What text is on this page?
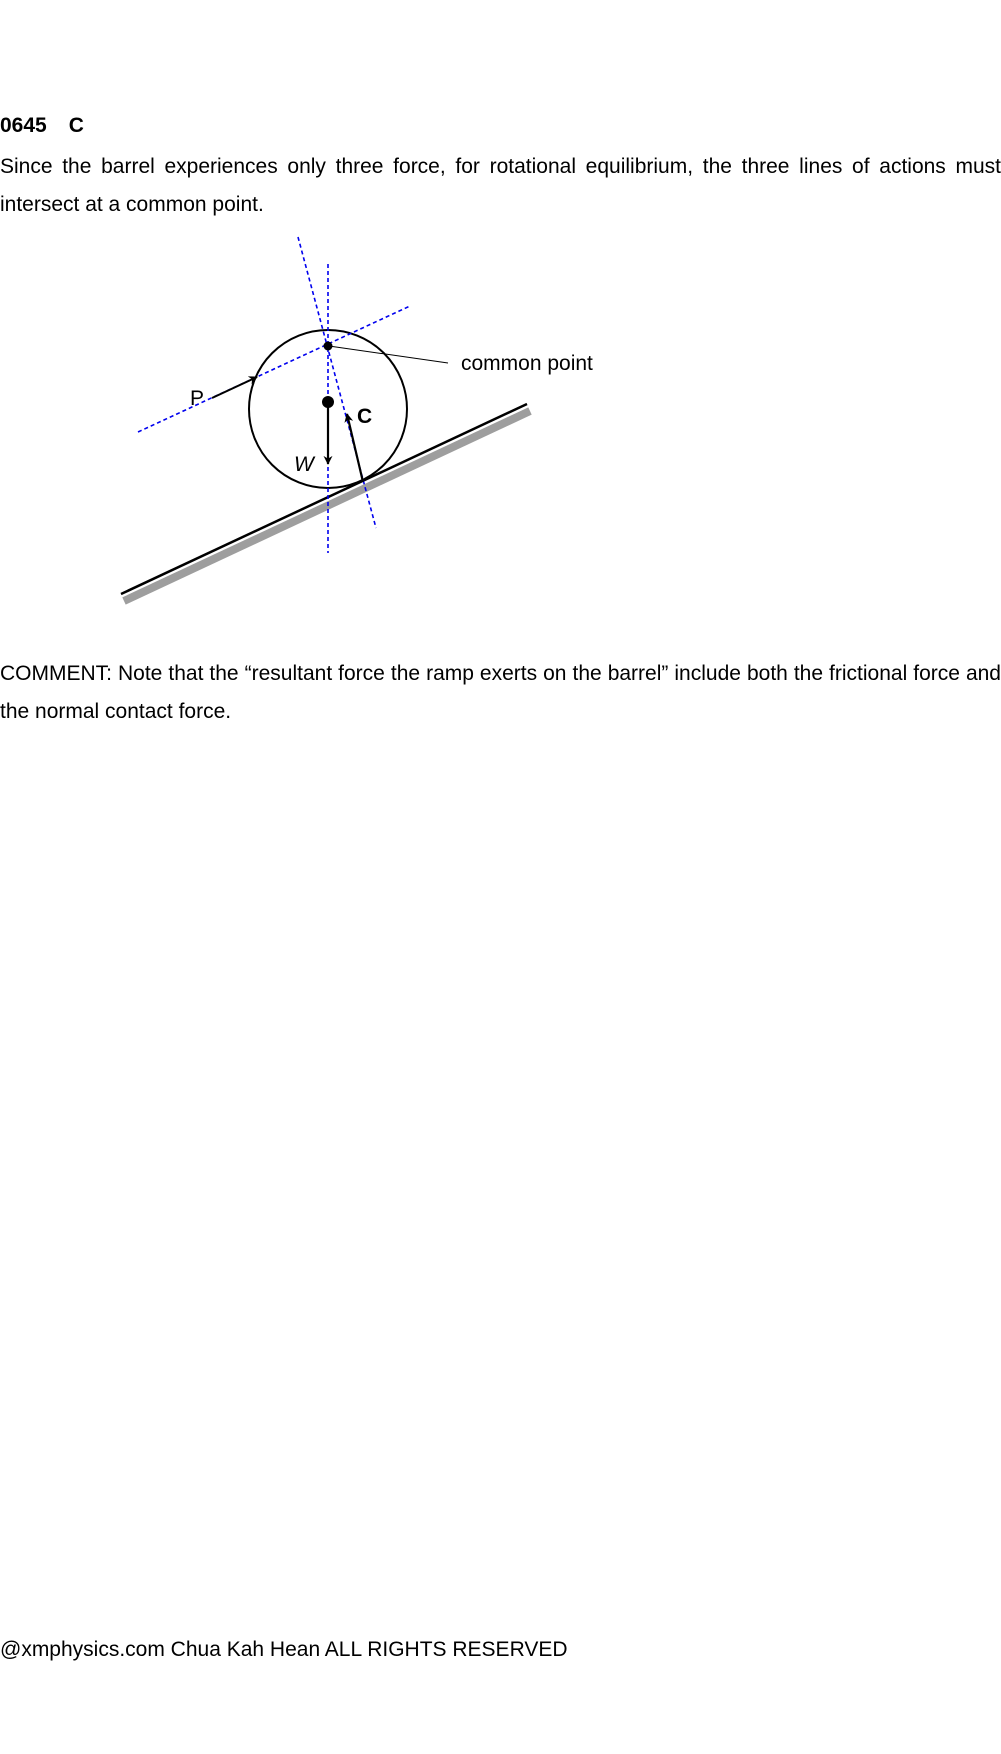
0645 C
Since the barrel experiences only three force, for rotational equilibrium, the three lines of actions must intersect at a common point.
P
W
C
common point
COMMENT: Note that the “resultant force the ramp exerts on the barrel” include both the frictional force and the normal contact force.
@xmphysics.com Chua Kah Hean ALL RIGHTS RESERVED
